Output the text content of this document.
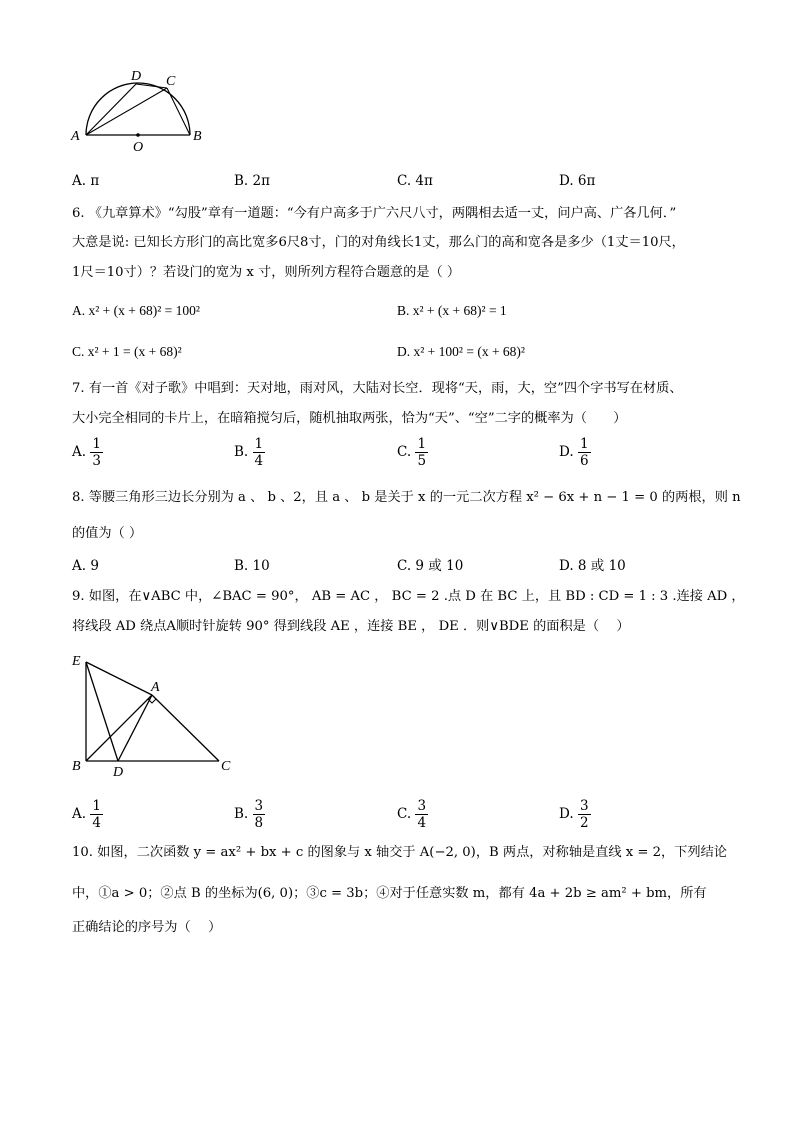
A	B
D C
O
A. π	B. 2π	C. 4π	D. 6π
6. 《九章算术》“勾股”章有一道题：“今有户高多于广六尺八寸，两隅相去适一丈，问户高、广各几何．”
大意是说: 已知长方形门的高比宽多6尺8寸，门的对角线长1丈，那么门的高和宽各是多少（1丈＝10尺，
1尺＝10寸）？若设门的宽为 x 寸，则所列方程符合题意的是（ ）
A. x² + (x + 68)² = 100²	B. x² + (x + 68)² = 1
C. x² + 1 = (x + 68)²	D. x² + 100² = (x + 68)²
7. 有一首《对子歌》中唱到：天对地，雨对风，大陆对长空．现将“天，雨，大，空”四个字书写在材质、
大小完全相同的卡片上，在暗箱搅匀后，随机抽取两张，恰为“天”、“空”二字的概率为（　　）
A. $\frac{1}{3}$	B. $\frac{1}{4}$	C. $\frac{1}{5}$	D. $\frac{1}{6}$
8. 等腰三角形三边长分别为 a 、 b 、2，且 a 、 b 是关于 x 的一元二次方程 x² − 6x + n − 1 = 0 的两根，则 n
的值为（ ）
A. 9	B. 10	C. 9 或 10	D. 8 或 10
9. 如图，在∨ABC 中，∠BAC = 90°， AB = AC ， BC = 2 .点 D 在 BC 上，且 BD : CD = 1 : 3 .连接 AD ，
将线段 AD 绕点A顺时针旋转 90° 得到线段 AE ，连接 BE ， DE ．则∨BDE 的面积是（　 ）
E
A
B D	C
A. $\frac{1}{4}$	B. $\frac{3}{8}$	C. $\frac{3}{4}$	D. $\frac{3}{2}$
10. 如图，二次函数 y = ax² + bx + c 的图象与 x 轴交于 A(−2, 0)，B 两点，对称轴是直线 x = 2，下列结论
中，①a > 0；②点 B 的坐标为(6, 0)；③c = 3b；④对于任意实数 m，都有 4a + 2b ≥ am² + bm，所有
正确结论的序号为（　 ）
